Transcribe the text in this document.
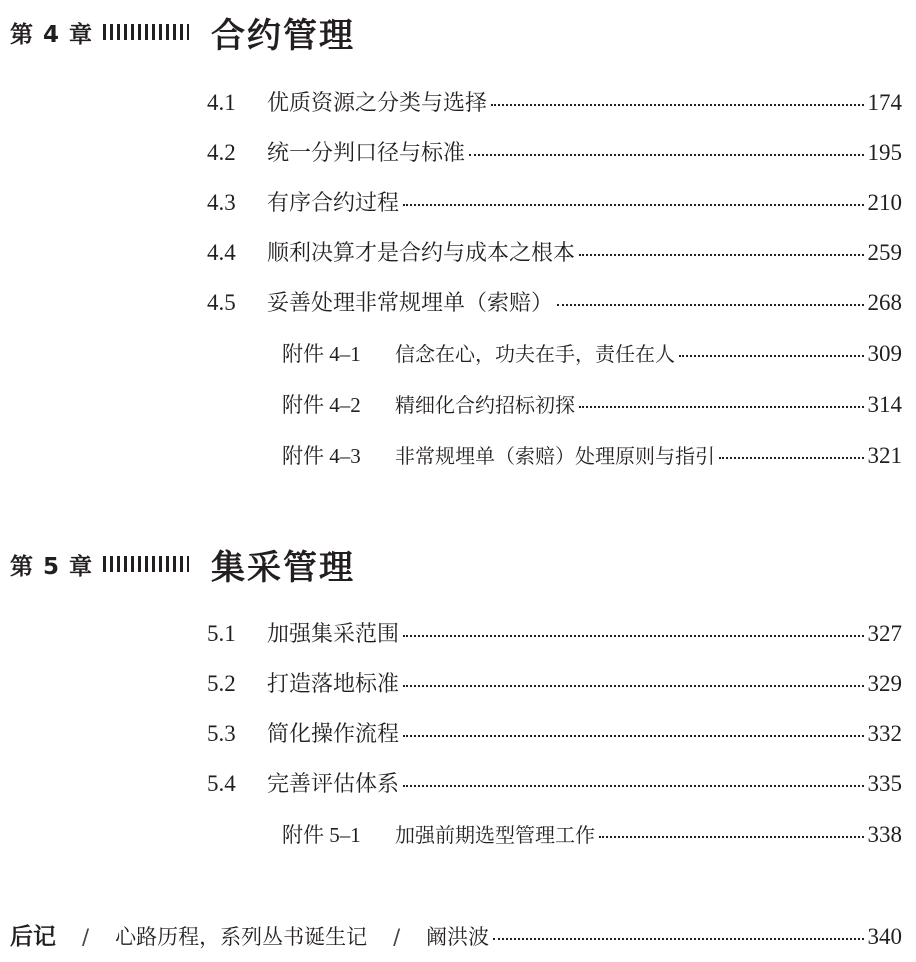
第 4 章	合约管理
4.1	优质资源之分类与选择	174
4.2	统一分判口径与标准	195
4.3	有序合约过程	210
4.4	顺利决算才是合约与成本之根本	259
4.5	妥善处理非常规埋单（索赔）	268
附件 4–1	信念在心，功夫在手，责任在人	309
附件 4–2	精细化合约招标初探	314
附件 4–3	非常规埋单（索赔）处理原则与指引	321
第 5 章	集采管理
5.1	加强集采范围	327
5.2	打造落地标准	329
5.3	简化操作流程	332
5.4	完善评估体系	335
附件 5–1	加强前期选型管理工作	338
后记 / 心路历程，系列丛书诞生记 / 阚洪波	340
